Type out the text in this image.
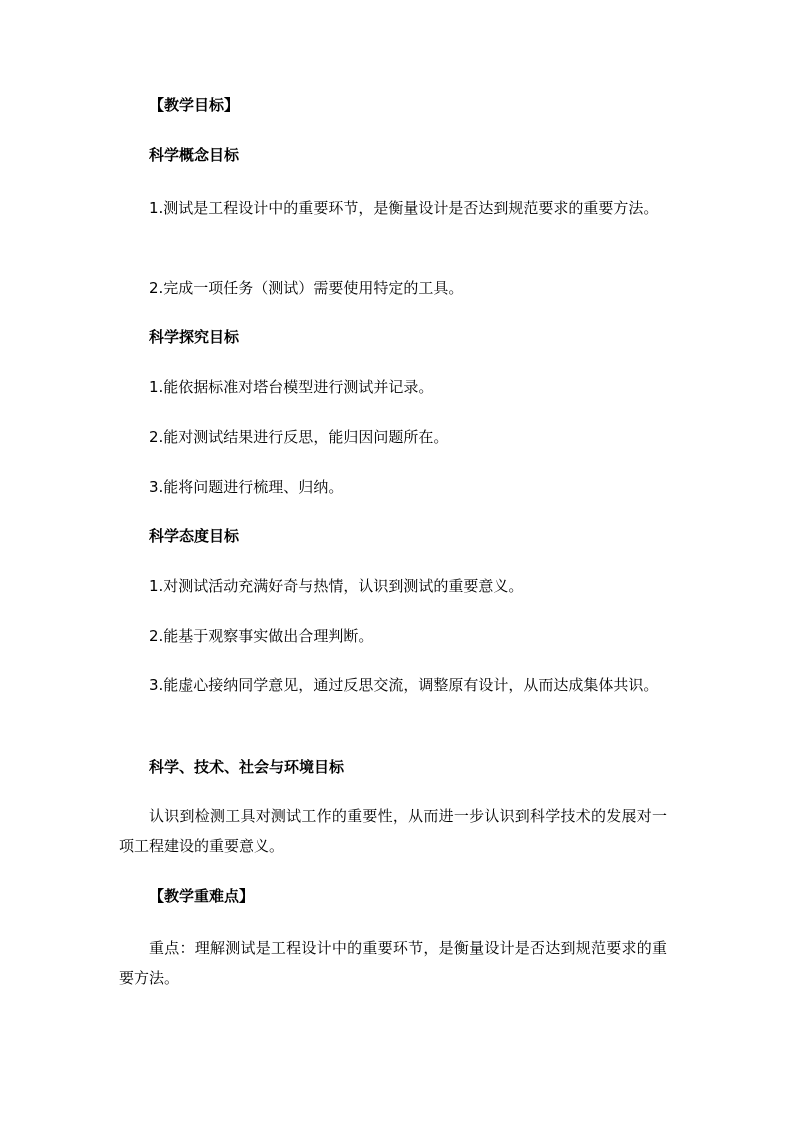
【教学目标】
科学概念目标
1.测试是工程设计中的重要环节，是衡量设计是否达到规范要求的重要方法。
2.完成一项任务（测试）需要使用特定的工具。
科学探究目标
1.能依据标准对塔台模型进行测试并记录。
2.能对测试结果进行反思，能归因问题所在。
3.能将问题进行梳理、归纳。
科学态度目标
1.对测试活动充满好奇与热情，认识到测试的重要意义。
2.能基于观察事实做出合理判断。
3.能虚心接纳同学意见，通过反思交流，调整原有设计，从而达成集体共识。
科学、技术、社会与环境目标
认识到检测工具对测试工作的重要性，从而进一步认识到科学技术的发展对一项工程建设的重要意义。
【教学重难点】
重点：理解测试是工程设计中的重要环节，是衡量设计是否达到规范要求的重要方法。
